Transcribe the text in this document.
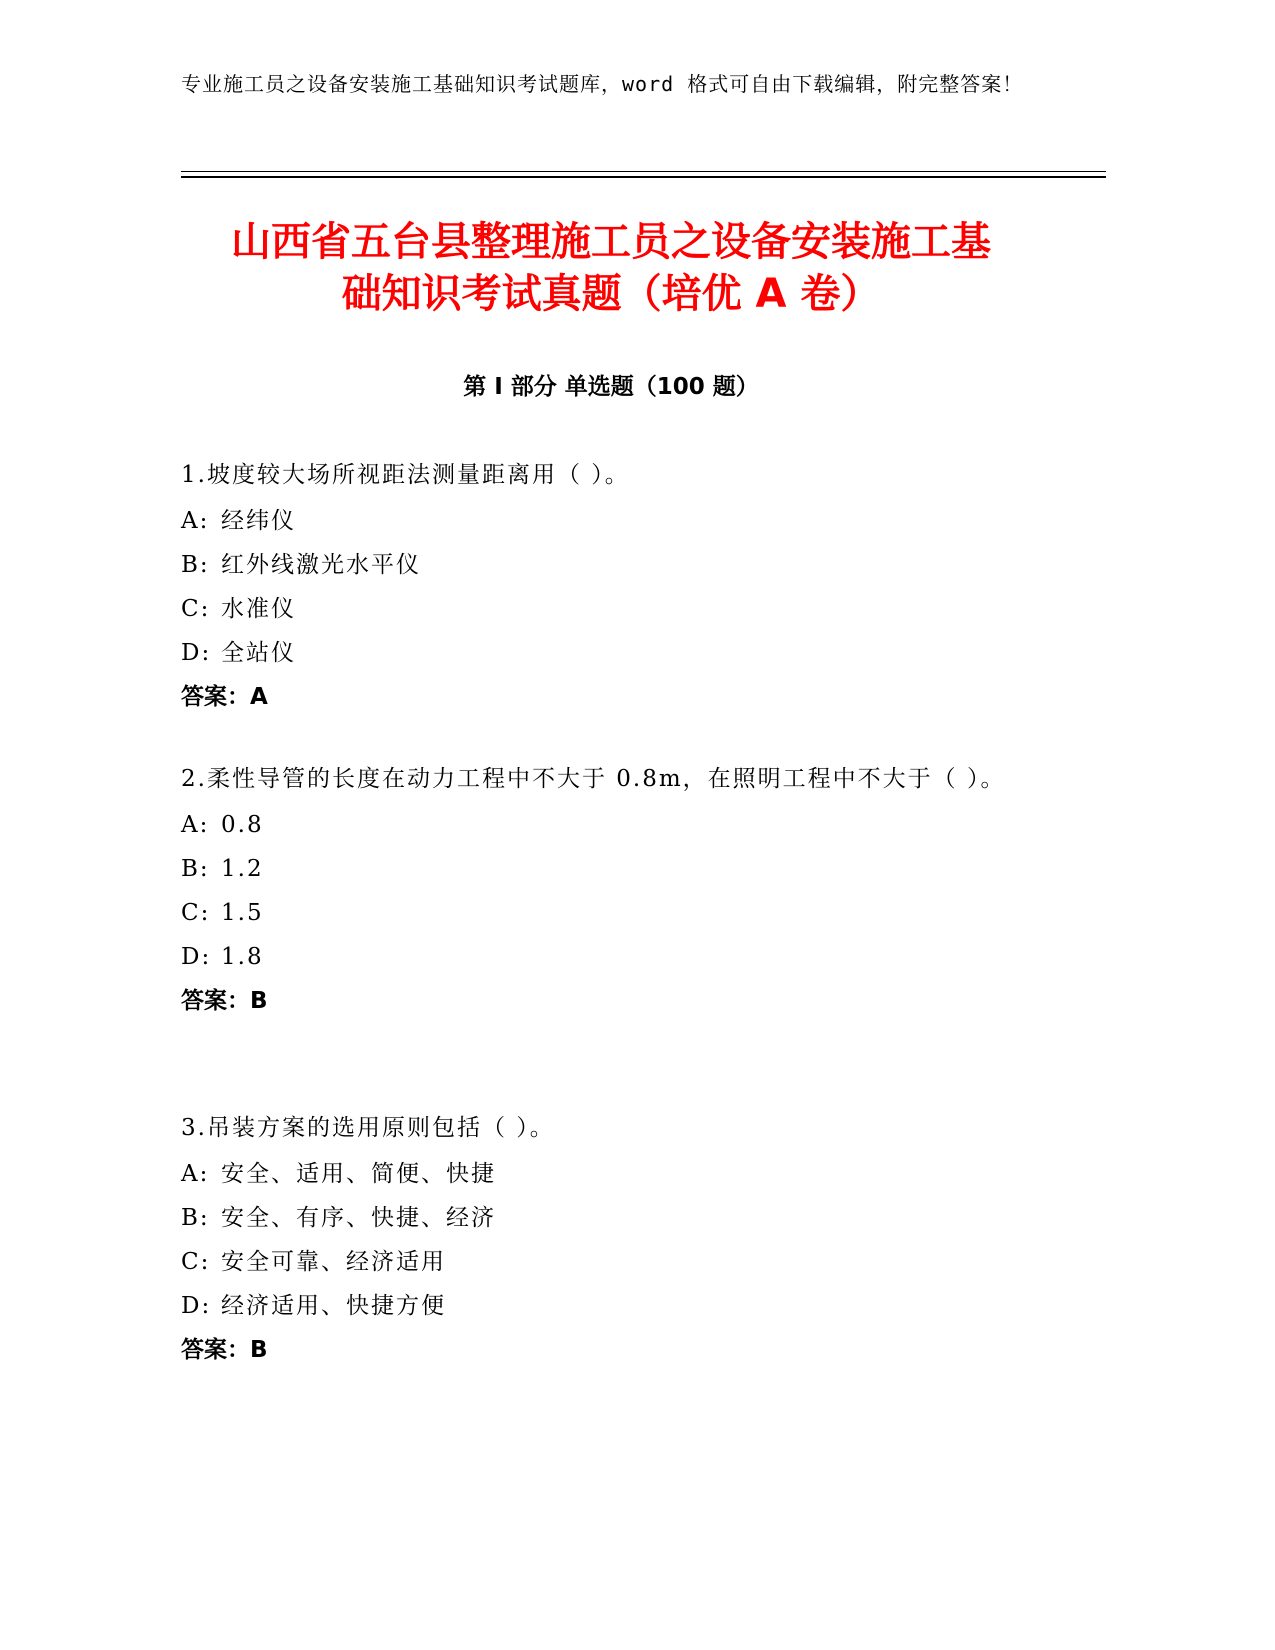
专业施工员之设备安装施工基础知识考试题库，word 格式可自由下载编辑，附完整答案！
山西省五台县整理施工员之设备安装施工基
础知识考试真题（培优 A 卷）
第 I 部分 单选题（100 题）
1.坡度较大场所视距法测量距离用（ ）。
A: 经纬仪
B: 红外线激光水平仪
C: 水准仪
D: 全站仪
答案：A
2.柔性导管的长度在动力工程中不大于 0.8m，在照明工程中不大于（ ）。
A: 0.8
B: 1.2
C: 1.5
D: 1.8
答案：B
3.吊装方案的选用原则包括（ ）。
A: 安全、适用、简便、快捷
B: 安全、有序、快捷、经济
C: 安全可靠、经济适用
D: 经济适用、快捷方便
答案：B
